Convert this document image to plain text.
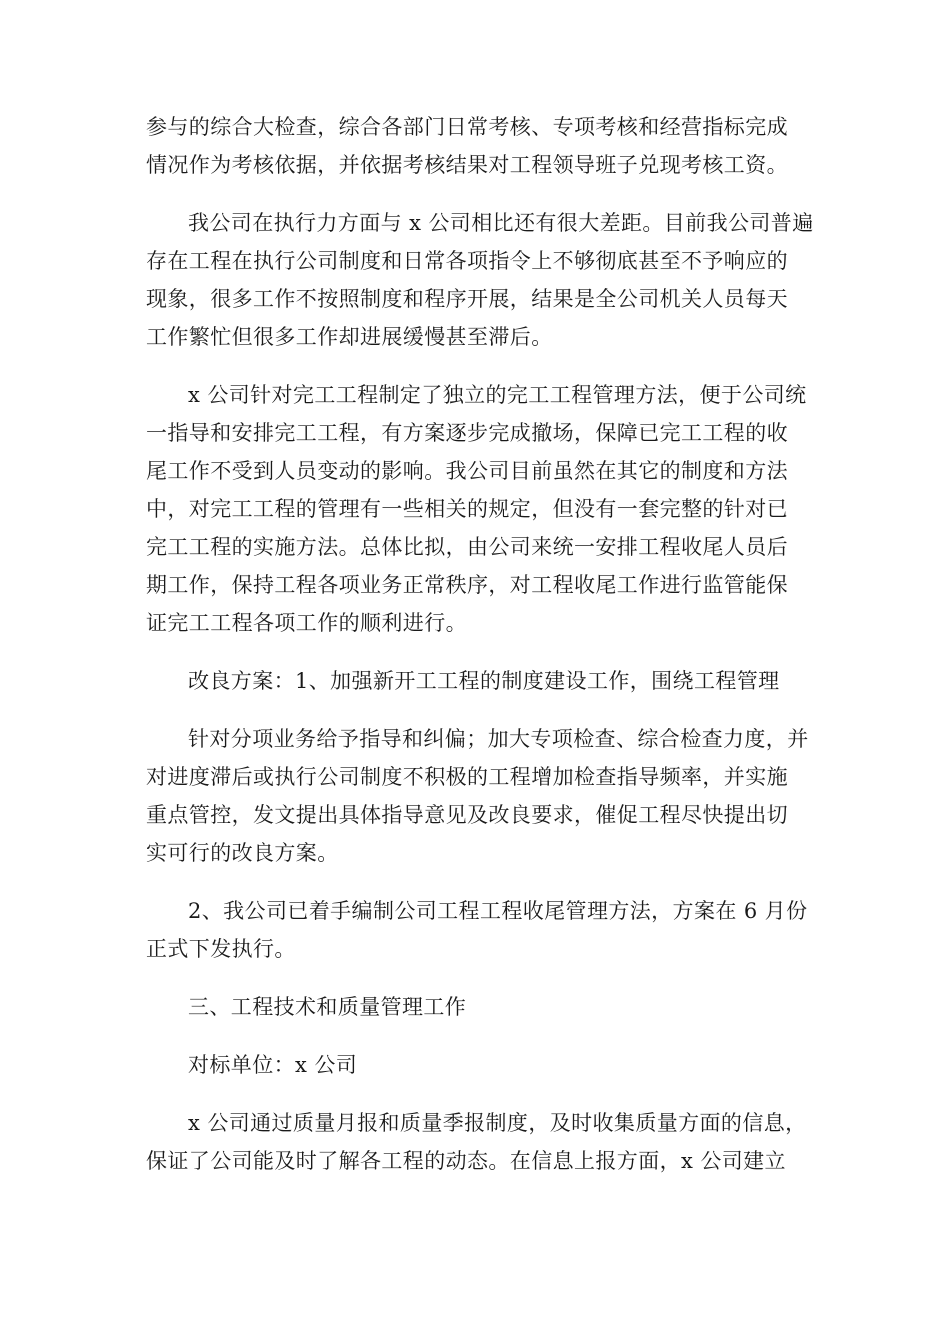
参与的综合大检查，综合各部门日常考核、专项考核和经营指标完成
情况作为考核依据，并依据考核结果对工程领导班子兑现考核工资。

我公司在执行力方面与 x 公司相比还有很大差距。目前我公司普遍
存在工程在执行公司制度和日常各项指令上不够彻底甚至不予响应的
现象，很多工作不按照制度和程序开展，结果是全公司机关人员每天
工作繁忙但很多工作却进展缓慢甚至滞后。

x 公司针对完工工程制定了独立的完工工程管理方法，便于公司统
一指导和安排完工工程，有方案逐步完成撤场，保障已完工工程的收
尾工作不受到人员变动的影响。我公司目前虽然在其它的制度和方法
中，对完工工程的管理有一些相关的规定，但没有一套完整的针对已
完工工程的实施方法。总体比拟，由公司来统一安排工程收尾人员后
期工作，保持工程各项业务正常秩序，对工程收尾工作进行监管能保
证完工工程各项工作的顺利进行。

改良方案：1、加强新开工工程的制度建设工作，围绕工程管理

针对分项业务给予指导和纠偏；加大专项检查、综合检查力度，并
对进度滞后或执行公司制度不积极的工程增加检查指导频率，并实施
重点管控，发文提出具体指导意见及改良要求，催促工程尽快提出切
实可行的改良方案。

2、我公司已着手编制公司工程工程收尾管理方法，方案在 6 月份
正式下发执行。

三、工程技术和质量管理工作

对标单位：x 公司

x 公司通过质量月报和质量季报制度，及时收集质量方面的信息，
保证了公司能及时了解各工程的动态。在信息上报方面，x 公司建立
